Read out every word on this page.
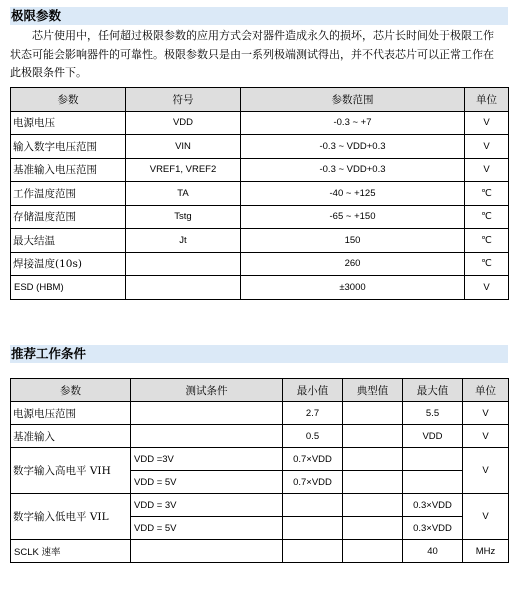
极限参数
芯片使用中，任何超过极限参数的应用方式会对器件造成永久的损坏，芯片长时间处于极限工作
状态可能会影响器件的可靠性。极限参数只是由一系列极端测试得出，并不代表芯片可以正常工作在
此极限条件下。
参数	符号	参数范围	单位
电源电压	VDD	-0.3 ~ +7	V
输入数字电压范围	VIN	-0.3 ~ VDD+0.3	V
基准输入电压范围	VREF1, VREF2	-0.3 ~ VDD+0.3	V
工作温度范围	TA	-40 ~ +125	℃
存储温度范围	Tstg	-65 ~ +150	℃
最大结温	Jt	150	℃
焊接温度(10s)		260	℃
ESD (HBM)		±3000	V
推荐工作条件
参数	测试条件	最小值	典型值	最大值	单位
电源电压范围		2.7		5.5	V
基准输入		0.5		VDD	V
数字输入高电平 VIH	VDD =3V	0.7×VDD			V
	VDD = 5V	0.7×VDD			
数字输入低电平 VIL	VDD = 3V			0.3×VDD	V
	VDD = 5V			0.3×VDD	
SCLK 速率				40	MHz
